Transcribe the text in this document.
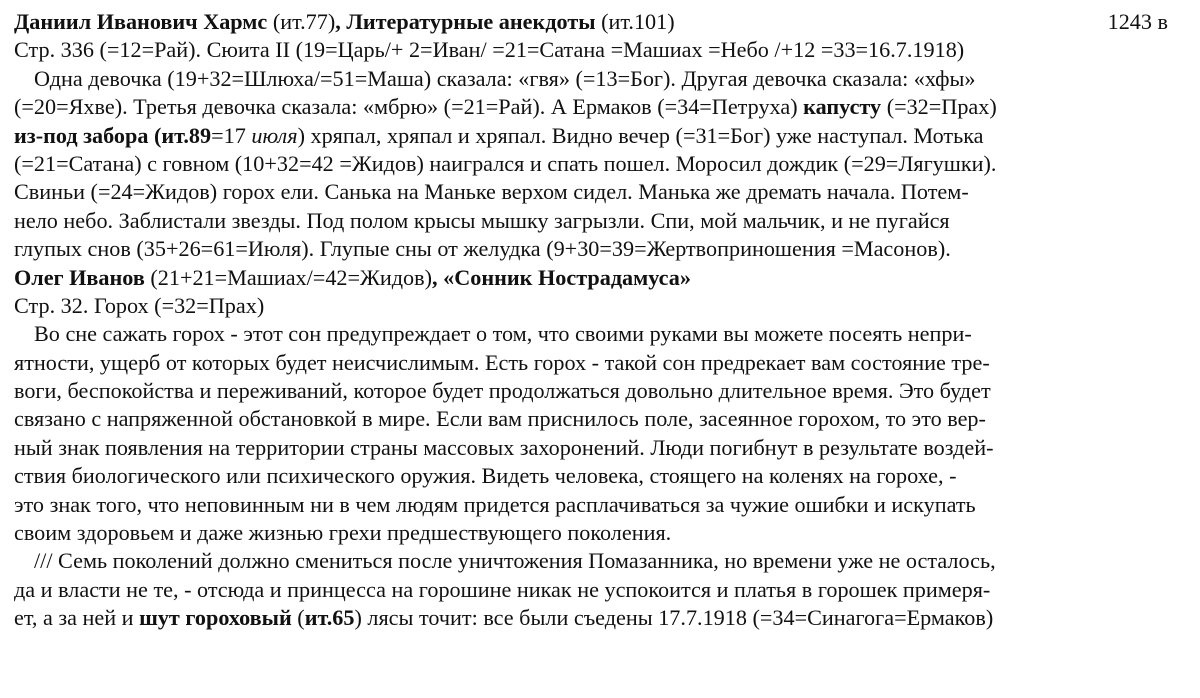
Даниил Иванович Хармс (ит.77), Литературные анекдоты (ит.101)	1243 в
Стр. 336 (=12=Рай). Сюита II (19=Царь/+ 2=Иван/ =21=Сатана =Машиах =Небо /+12 =33=16.7.1918)
Одна девочка (19+32=Шлюха/=51=Маша) сказала: «гвя» (=13=Бог). Другая девочка сказала: «хфы»
(=20=Яхве). Третья девочка сказала: «мбрю» (=21=Рай). А Ермаков (=34=Петруха) капусту (=32=Прах)
из-под забора (ит.89=17 июля) хряпал, хряпал и хряпал. Видно вечер (=31=Бог) уже наступал. Мотька
(=21=Сатана) с говном (10+32=42 =Жидов) наигрался и спать пошел. Моросил дождик (=29=Лягушки).
Свиньи (=24=Жидов) горох ели. Санька на Маньке верхом сидел. Манька же дремать начала. Потем-
нело небо. Заблистали звезды. Под полом крысы мышку загрызли. Спи, мой мальчик, и не пугайся
глупых снов (35+26=61=Июля). Глупые сны от желудка (9+30=39=Жертвоприношения =Масонов).
Олег Иванов (21+21=Машиах/=42=Жидов), «Сонник Нострадамуса»
Стр. 32. Горох (=32=Прах)
Во сне сажать горох - этот сон предупреждает о том, что своими руками вы можете посеять непри-
ятности, ущерб от которых будет неисчислимым. Есть горох - такой сон предрекает вам состояние тре-
воги, беспокойства и переживаний, которое будет продолжаться довольно длительное время. Это будет
связано с напряженной обстановкой в мире. Если вам приснилось поле, засеянное горохом, то это вер-
ный знак появления на территории страны массовых захоронений. Люди погибнут в результате воздей-
ствия биологического или психического оружия. Видеть человека, стоящего на коленях на горохе, -
это знак того, что неповинным ни в чем людям придется расплачиваться за чужие ошибки и искупать
своим здоровьем и даже жизнью грехи предшествующего поколения.
/// Семь поколений должно смениться после уничтожения Помазанника, но времени уже не осталось,
да и власти не те, - отсюда и принцесса на горошине никак не успокоится и платья в горошек примеря-
ет, а за ней и шут гороховый (ит.65) лясы точит: все были съедены 17.7.1918 (=34=Синагога=Ермаков)
